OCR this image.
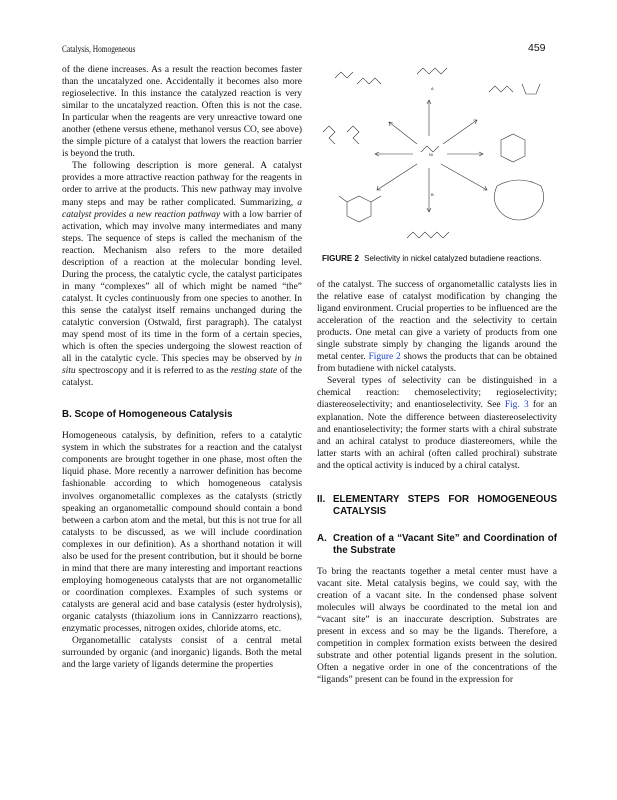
Catalysis, Homogeneous	459

of the diene increases. As a result the reaction becomes faster than the uncatalyzed one. Accidentally it becomes also more regioselective. In this instance the catalyzed reaction is very similar to the uncatalyzed reaction. Often this is not the case. In particular when the reagents are very unreactive toward one another (ethene versus ethene, methanol versus CO, see above) the simple picture of a catalyst that lowers the reaction barrier is beyond the truth.

The following description is more general. A catalyst provides a more attractive reaction pathway for the reagents in order to arrive at the products. This new pathway may involve many steps and may be rather complicated. Summarizing, a catalyst provides a new reaction pathway with a low barrier of activation, which may involve many intermediates and many steps. The sequence of steps is called the mechanism of the reaction. Mechanism also refers to the more detailed description of a reaction at the molecular bonding level. During the process, the catalytic cycle, the catalyst participates in many “complexes” all of which might be named “the” catalyst. It cycles continuously from one species to another. In this sense the catalyst itself remains unchanged during the catalytic conversion (Ostwald, first paragraph). The catalyst may spend most of its time in the form of a certain species, which is often the species undergoing the slowest reaction of all in the catalytic cycle. This species may be observed by in situ spectroscopy and it is referred to as the resting state of the catalyst.

B. Scope of Homogeneous Catalysis

Homogeneous catalysis, by definition, refers to a catalytic system in which the substrates for a reaction and the catalyst components are brought together in one phase, most often the liquid phase. More recently a narrower definition has become fashionable according to which homogeneous catalysis involves organometallic complexes as the catalysts (strictly speaking an organometallic compound should contain a bond between a carbon atom and the metal, but this is not true for all catalysts to be discussed, as we will include coordination complexes in our definition). As a shorthand notation it will also be used for the present contribution, but it should be borne in mind that there are many interesting and important reactions employing homogeneous catalysts that are not organometallic or coordination complexes. Examples of such systems or catalysts are general acid and base catalysis (ester hydrolysis), organic catalysts (thiazolium ions in Cannizzarro reactions), enzymatic processes, nitrogen oxides, chloride atoms, etc.

Organometallic catalysts consist of a central metal surrounded by organic (and inorganic) ligands. Both the metal and the large variety of ligands determine the properties

Ni
A
B
FIGURE 2 Selectivity in nickel catalyzed butadiene reactions.

of the catalyst. The success of organometallic catalysts lies in the relative ease of catalyst modification by changing the ligand environment. Crucial properties to be influenced are the acceleration of the reaction and the selectivity to certain products. One metal can give a variety of products from one single substrate simply by changing the ligands around the metal center. Figure 2 shows the products that can be obtained from butadiene with nickel catalysts.

Several types of selectivity can be distinguished in a chemical reaction: chemoselectivity; regioselectivity; diastereoselectivity; and enantioselectivity. See Fig. 3 for an explanation. Note the difference between diastereoselectivity and enantioselectivity; the former starts with a chiral substrate and an achiral catalyst to produce diastereomers, while the latter starts with an achiral (often called prochiral) substrate and the optical activity is induced by a chiral catalyst.

II. ELEMENTARY STEPS FOR HOMOGENEOUS CATALYSIS
A. Creation of a “Vacant Site” and Coordination of the Substrate

To bring the reactants together a metal center must have a vacant site. Metal catalysis begins, we could say, with the creation of a vacant site. In the condensed phase solvent molecules will always be coordinated to the metal ion and “vacant site” is an inaccurate description. Substrates are present in excess and so may be the ligands. Therefore, a competition in complex formation exists between the desired substrate and other potential ligands present in the solution. Often a negative order in one of the concentrations of the “ligands” present can be found in the expression for
